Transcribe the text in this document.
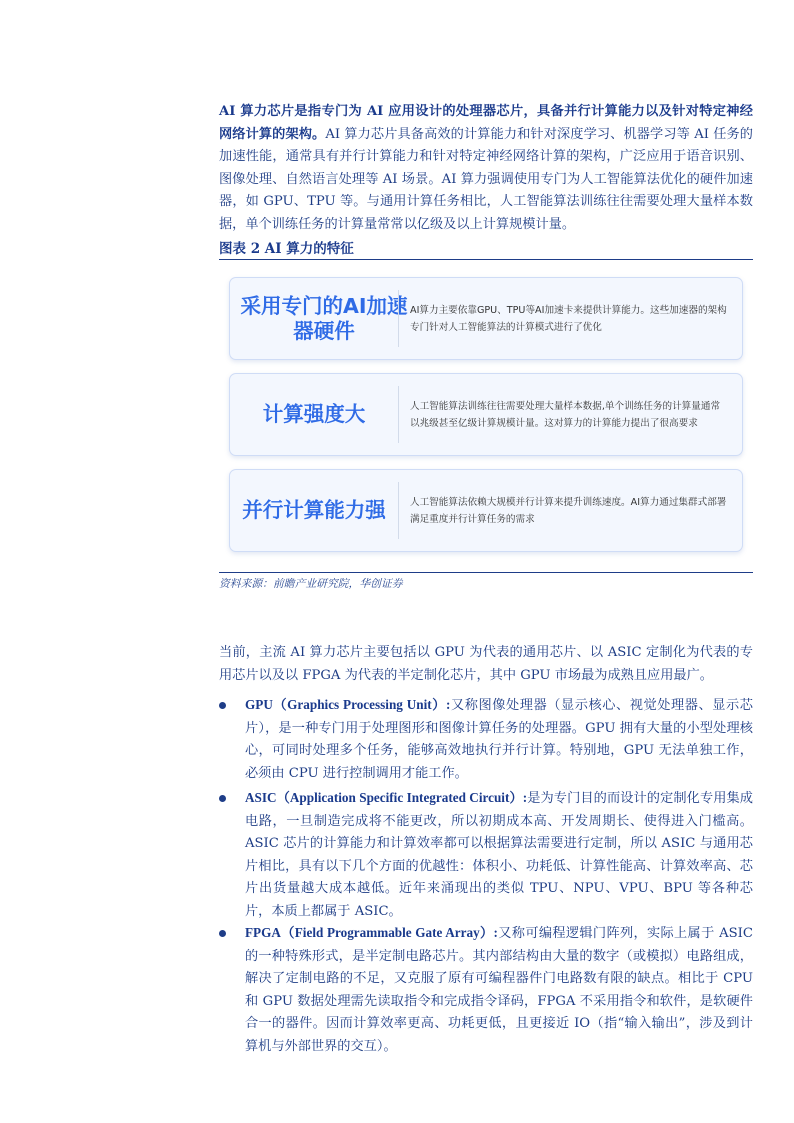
AI 算力芯片是指专门为 AI 应用设计的处理器芯片，具备并行计算能力以及针对特定神经网络计算的架构。AI 算力芯片具备高效的计算能力和针对深度学习、机器学习等 AI 任务的加速性能，通常具有并行计算能力和针对特定神经网络计算的架构，广泛应用于语音识别、图像处理、自然语言处理等 AI 场景。AI 算力强调使用专门为人工智能算法优化的硬件加速器，如 GPU、TPU 等。与通用计算任务相比，人工智能算法训练往往需要处理大量样本数据，单个训练任务的计算量常常以亿级及以上计算规模计量。

图表 2 AI 算力的特征
采用专门的AI加速器硬件
AI算力主要依靠GPU、TPU等AI加速卡来提供计算能力。这些加速器的架构专门针对人工智能算法的计算模式进行了优化
计算强度大	人工智能算法训练往往需要处理大量样本数据,单个训练任务的计算量通常以兆级甚至亿级计算规模计量。这对算力的计算能力提出了很高要求
并行计算能力强	人工智能算法依赖大规模并行计算来提升训练速度。AI算力通过集群式部署满足重度并行计算任务的需求
资料来源：前瞻产业研究院，华创证券

当前，主流 AI 算力芯片主要包括以 GPU 为代表的通用芯片、以 ASIC 定制化为代表的专用芯片以及以 FPGA 为代表的半定制化芯片，其中 GPU 市场最为成熟且应用最广。

GPU（Graphics Processing Unit）:又称图像处理器（显示核心、视觉处理器、显示芯片），是一种专门用于处理图形和图像计算任务的处理器。GPU 拥有大量的小型处理核心，可同时处理多个任务，能够高效地执行并行计算。特别地，GPU 无法单独工作，必须由 CPU 进行控制调用才能工作。

ASIC（Application Specific Integrated Circuit）:是为专门目的而设计的定制化专用集成电路，一旦制造完成将不能更改，所以初期成本高、开发周期长、使得进入门槛高。ASIC 芯片的计算能力和计算效率都可以根据算法需要进行定制，所以 ASIC 与通用芯片相比，具有以下几个方面的优越性：体积小、功耗低、计算性能高、计算效率高、芯片出货量越大成本越低。近年来涌现出的类似 TPU、NPU、VPU、BPU 等各种芯片，本质上都属于 ASIC。

FPGA（Field Programmable Gate Array）:又称可编程逻辑门阵列，实际上属于 ASIC 的一种特殊形式，是半定制电路芯片。其内部结构由大量的数字（或模拟）电路组成，解决了定制电路的不足，又克服了原有可编程器件门电路数有限的缺点。相比于 CPU 和 GPU 数据处理需先读取指令和完成指令译码，FPGA 不采用指令和软件，是软硬件合一的器件。因而计算效率更高、功耗更低，且更接近 IO（指“输入输出”，涉及到计算机与外部世界的交互）。
